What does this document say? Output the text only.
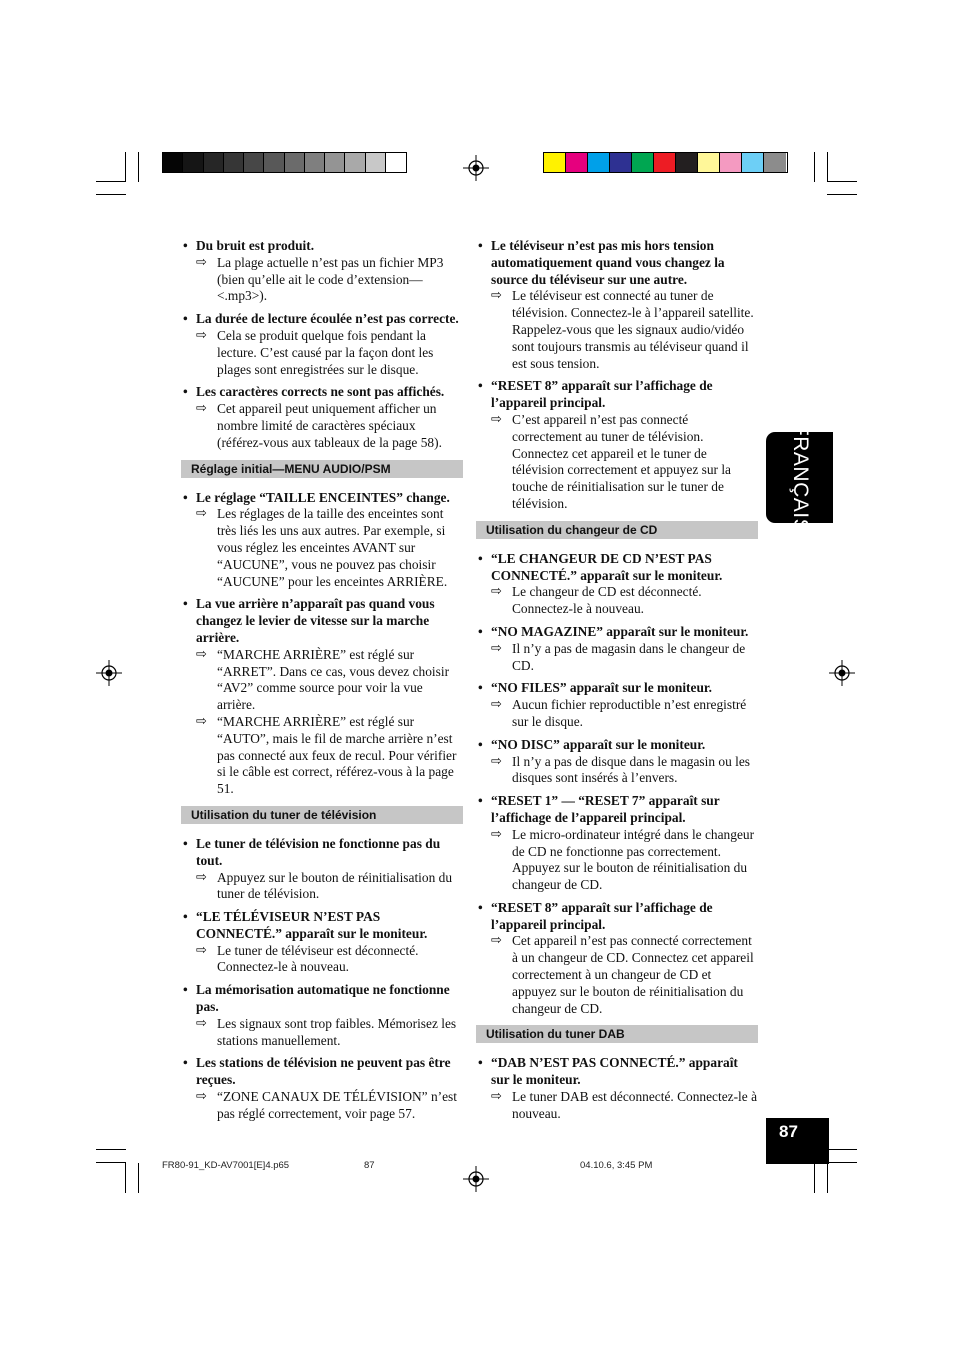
FRANÇAIS
• Du bruit est produit.
⇨ La plage actuelle n’est pas un fichier MP3 (bien qu’elle ait le code d’extension—<.mp3>).
• La durée de lecture écoulée n’est pas correcte.
⇨ Cela se produit quelque fois pendant la lecture. C’est causé par la façon dont les plages sont enregistrées sur le disque.
• Les caractères corrects ne sont pas affichés.
⇨ Cet appareil peut uniquement afficher un nombre limité de caractères spéciaux (référez-vous aux tableaux de la page 58).
Réglage initial—MENU AUDIO/PSM
• Le réglage “TAILLE ENCEINTES” change.
⇨ Les réglages de la taille des enceintes sont très liés les uns aux autres. Par exemple, si vous réglez les enceintes AVANT sur “AUCUNE”, vous ne pouvez pas choisir “AUCUNE” pour les enceintes ARRIÈRE.
• La vue arrière n’apparaît pas quand vous changez le levier de vitesse sur la marche arrière.
⇨ “MARCHE ARRIÈRE” est réglé sur “ARRET”. Dans ce cas, vous devez choisir “AV2” comme source pour voir la vue arrière.
⇨ “MARCHE ARRIÈRE” est réglé sur “AUTO”, mais le fil de marche arrière n’est pas connecté aux feux de recul. Pour vérifier si le câble est correct, référez-vous à la page 51.
Utilisation du tuner de télévision
• Le tuner de télévision ne fonctionne pas du tout.
⇨ Appuyez sur le bouton de réinitialisation du tuner de télévision.
• “LE TÉLÉVISEUR N’EST PAS CONNECTÉ.” apparaît sur le moniteur.
⇨ Le tuner de téléviseur est déconnecté. Connectez-le à nouveau.
• La mémorisation automatique ne fonctionne pas.
⇨ Les signaux sont trop faibles. Mémorisez les stations manuellement.
• Les stations de télévision ne peuvent pas être reçues.
⇨ “ZONE CANAUX DE TÉLÉVISION” n’est pas réglé correctement, voir page 57.
• Le téléviseur n’est pas mis hors tension automatiquement quand vous changez la source du téléviseur sur une autre.
⇨ Le téléviseur est connecté au tuner de télévision. Connectez-le à l’appareil satellite. Rappelez-vous que les signaux audio/vidéo sont toujours transmis au téléviseur quand il est sous tension.
• “RESET 8” apparaît sur l’affichage de l’appareil principal.
⇨ C’est appareil n’est pas connecté correctement au tuner de télévision. Connectez cet appareil et le tuner de télévision correctement et appuyez sur la touche de réinitialisation sur le tuner de télévision.
Utilisation du changeur de CD
• “LE CHANGEUR DE CD N’EST PAS CONNECTÉ.” apparaît sur le moniteur.
⇨ Le changeur de CD est déconnecté. Connectez-le à nouveau.
• “NO MAGAZINE” apparaît sur le moniteur.
⇨ Il n’y a pas de magasin dans le changeur de CD.
• “NO FILES” apparaît sur le moniteur.
⇨ Aucun fichier reproductible n’est enregistré sur le disque.
• “NO DISC” apparaît sur le moniteur.
⇨ Il n’y a pas de disque dans le magasin ou les disques sont insérés à l’envers.
• “RESET 1” — “RESET 7” apparaît sur l’affichage de l’appareil principal.
⇨ Le micro-ordinateur intégré dans le changeur de CD ne fonctionne pas correctement. Appuyez sur le bouton de réinitialisation du changeur de CD.
• “RESET 8” apparaît sur l’affichage de l’appareil principal.
⇨ Cet appareil n’est pas connecté correctement à un changeur de CD. Connectez cet appareil correctement à un changeur de CD et appuyez sur le bouton de réinitialisation du changeur de CD.
Utilisation du tuner DAB
• “DAB N’EST PAS CONNECTÉ.” apparaît sur le moniteur.
⇨ Le tuner DAB est déconnecté. Connectez-le à nouveau.
87
FR80-91_KD-AV7001[E]4.p65	87	04.10.6, 3:45 PM
